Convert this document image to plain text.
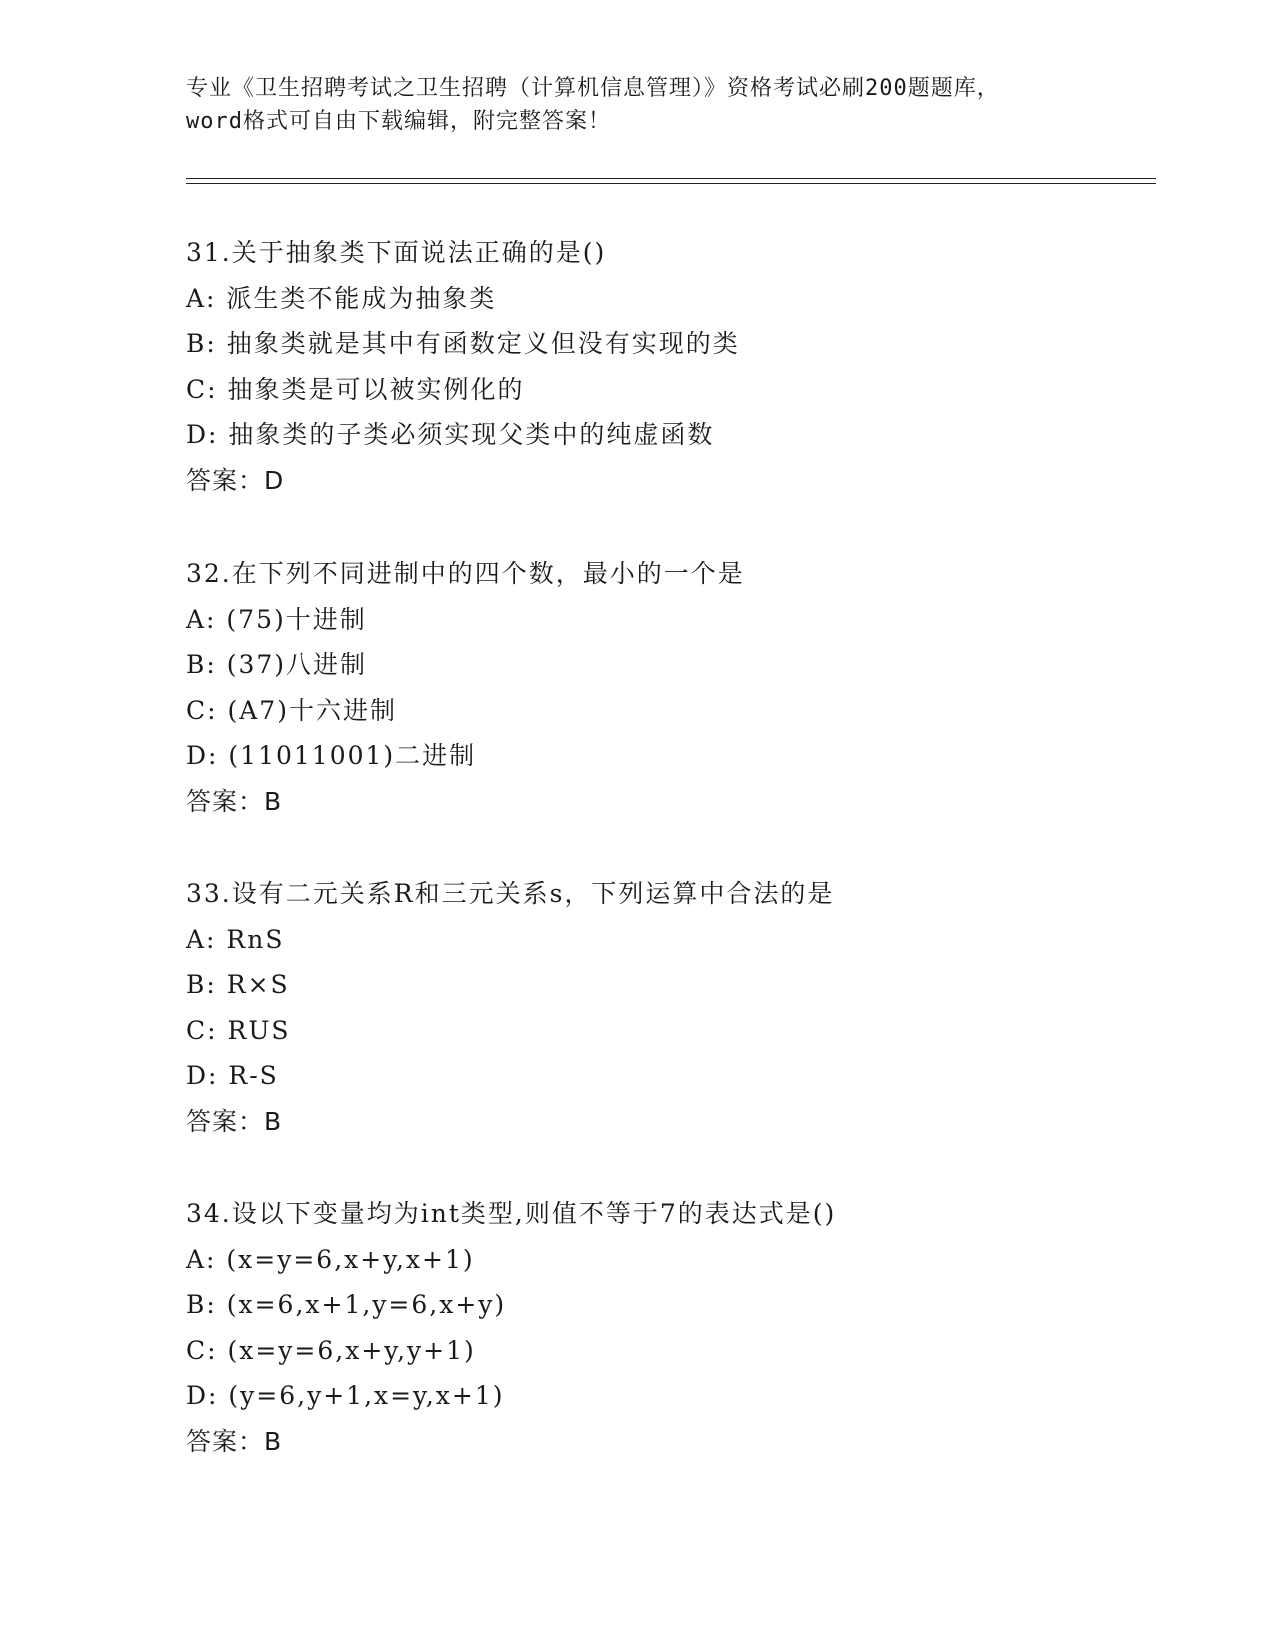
专业《卫生招聘考试之卫生招聘（计算机信息管理）》资格考试必刷200题题库，
word格式可自由下载编辑，附完整答案！
31.关于抽象类下面说法正确的是()
A: 派生类不能成为抽象类
B: 抽象类就是其中有函数定义但没有实现的类
C: 抽象类是可以被实例化的
D: 抽象类的子类必须实现父类中的纯虚函数
答案：D
32.在下列不同进制中的四个数，最小的一个是
A: (75)十进制
B: (37)八进制
C: (A7)十六进制
D: (11011001)二进制
答案：B
33.设有二元关系R和三元关系s，下列运算中合法的是
A: RnS
B: R×S
C: RUS
D: R-S
答案：B
34.设以下变量均为int类型,则值不等于7的表达式是()
A: (x=y=6,x+y,x+1)
B: (x=6,x+1,y=6,x+y)
C: (x=y=6,x+y,y+1)
D: (y=6,y+1,x=y,x+1)
答案：B
